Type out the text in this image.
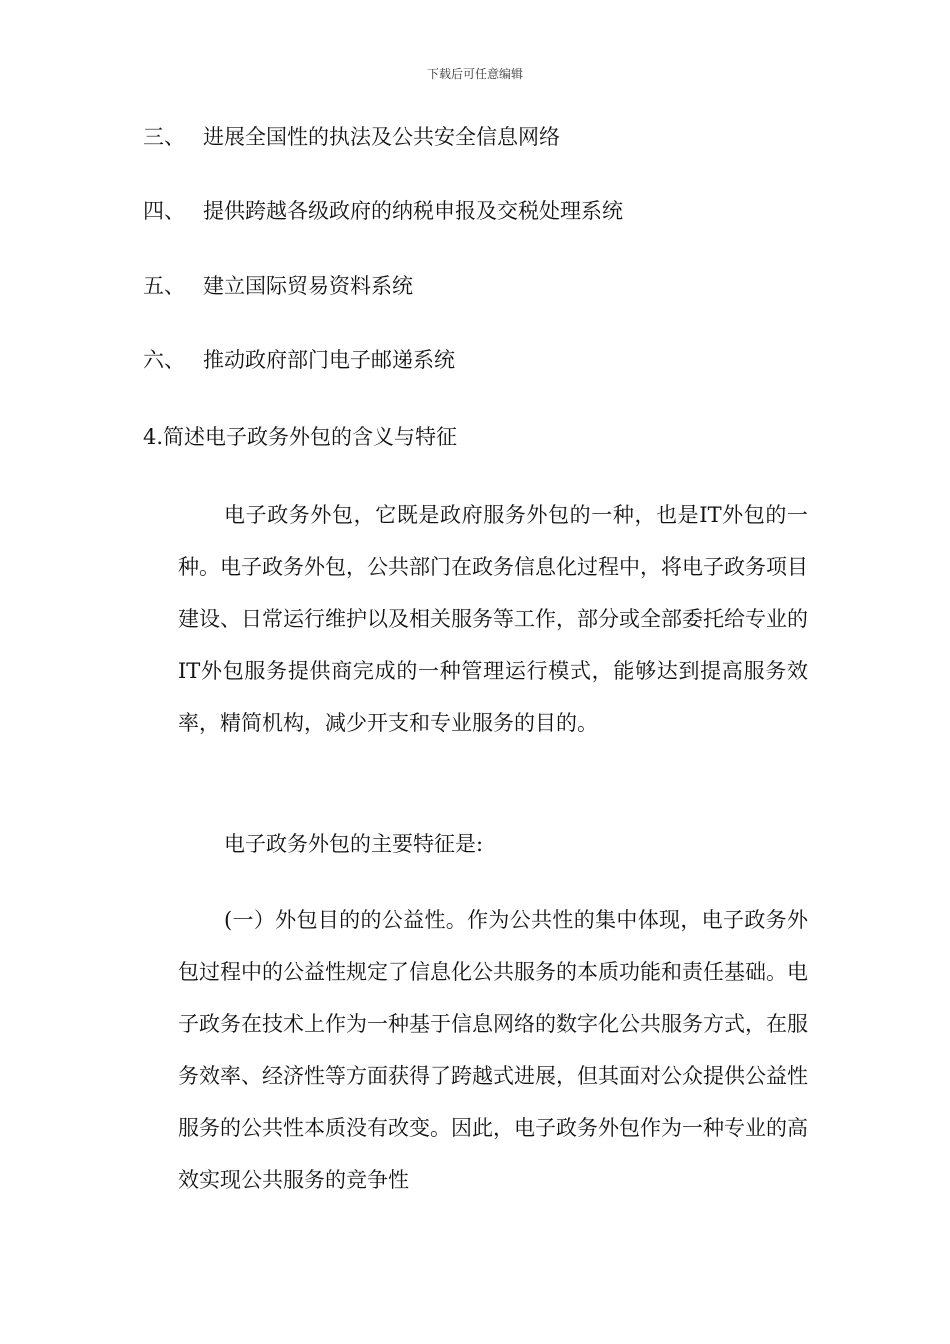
下载后可任意编辑
三、 进展全国性的执法及公共安全信息网络
四、 提供跨越各级政府的纳税申报及交税处理系统
五、 建立国际贸易资料系统
六、 推动政府部门电子邮递系统
4.简述电子政务外包的含义与特征
电子政务外包，它既是政府服务外包的一种，也是IT外包的一种。电子政务外包，公共部门在政务信息化过程中，将电子政务项目建设、日常运行维护以及相关服务等工作，部分或全部委托给专业的IT外包服务提供商完成的一种管理运行模式，能够达到提高服务效率，精简机构，减少开支和专业服务的目的。
电子政务外包的主要特征是:
(一）外包目的的公益性。作为公共性的集中体现，电子政务外包过程中的公益性规定了信息化公共服务的本质功能和责任基础。电子政务在技术上作为一种基于信息网络的数字化公共服务方式，在服务效率、经济性等方面获得了跨越式进展，但其面对公众提供公益性服务的公共性本质没有改变。因此，电子政务外包作为一种专业的高效实现公共服务的竞争性
